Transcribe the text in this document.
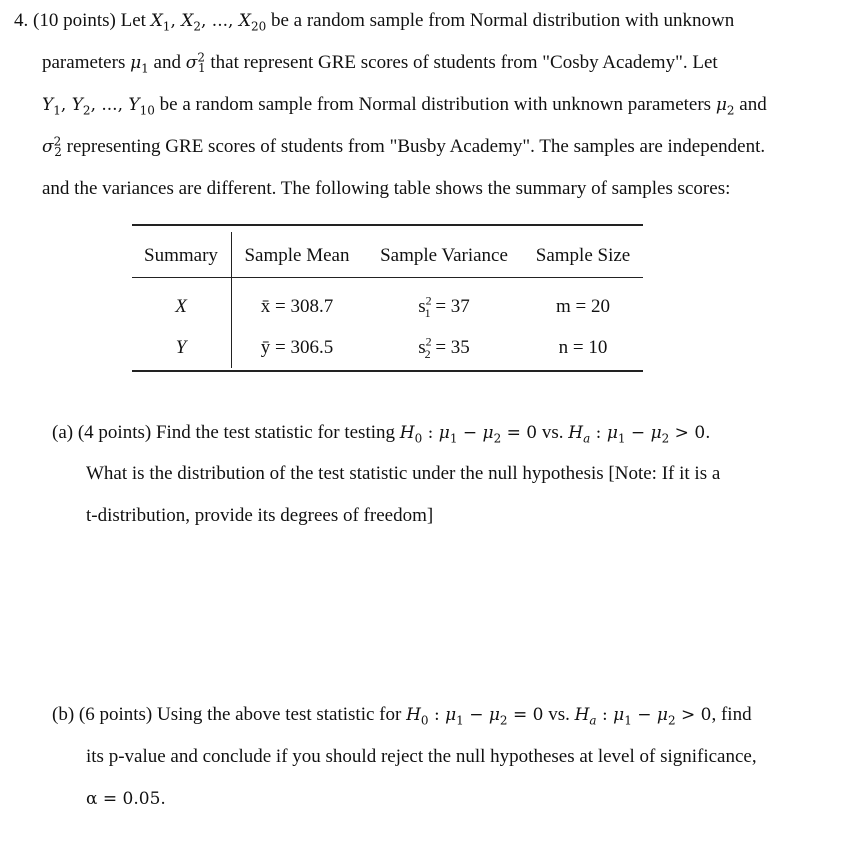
4. (10 points) Let $X_1$, $X_2$, ..., $X_{20}$ be a random sample from Normal distribution with unknown
parameters $\mu_1$ and $\sigma^2_1$ that represent GRE scores of students from "Cosby Academy". Let
$Y_1$, $Y_2$, ..., $Y_{10}$ be a random sample from Normal distribution with unknown parameters $\mu_2$ and
$\sigma^2_2$ representing GRE scores of students from "Busby Academy". The samples are independent.
and the variances are different. The following table shows the summary of samples scores:
Summary	Sample Mean	Sample Variance	Sample Size
X	x̄ = 308.7	$s^2_1 = 37$	m = 20
Y	ȳ = 306.5	$s^2_2 = 35$	n = 10
(a) (4 points) Find the test statistic for testing $H_0$ : $\mu_1 - \mu_2 = 0$ vs. $H_a$ : $\mu_1 - \mu_2 > 0$.
What is the distribution of the test statistic under the null hypothesis [Note: If it is a
t-distribution, provide its degrees of freedom]
(b) (6 points) Using the above test statistic for $H_0$ : $\mu_1 - \mu_2 = 0$ vs. $H_a$ : $\mu_1 - \mu_2 > 0$, find
its p-value and conclude if you should reject the null hypotheses at level of significance,
α = 0.05.
